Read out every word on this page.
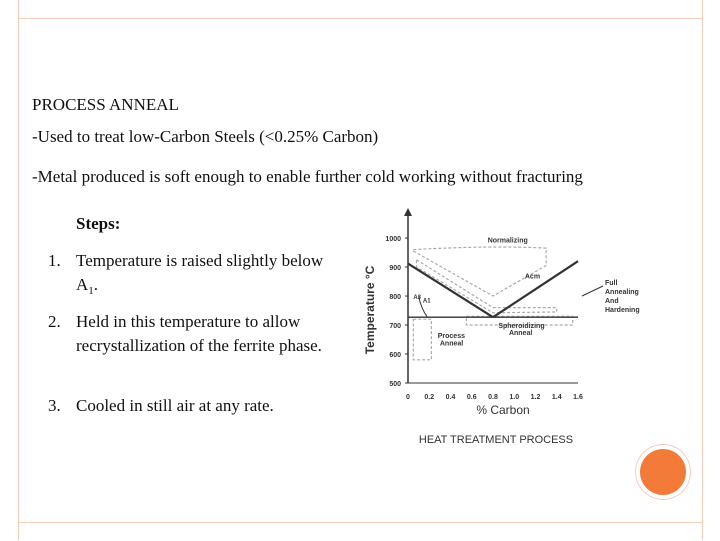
PROCESS ANNEAL
-Used to treat low-Carbon Steels (<0.25% Carbon)
-Metal produced is soft enough to enable further cold working without fracturing
Steps:
1. Temperature is raised slightly below $A_1$.
2. Held in this temperature to allow recrystallization of the ferrite phase.
3. Cooled in still air at any rate.
500
600
700
800
900
1000
0 0.2 0.4 0.6 0.8 1.0 1.2 1.4 1.6
% Carbon
Temperature °C
HEAT TREATMENT PROCESS
Normalizing
Acm
A3
A1
Full
Annealing
And
Hardening
Spheroidizing
Anneal
Process
Anneal
